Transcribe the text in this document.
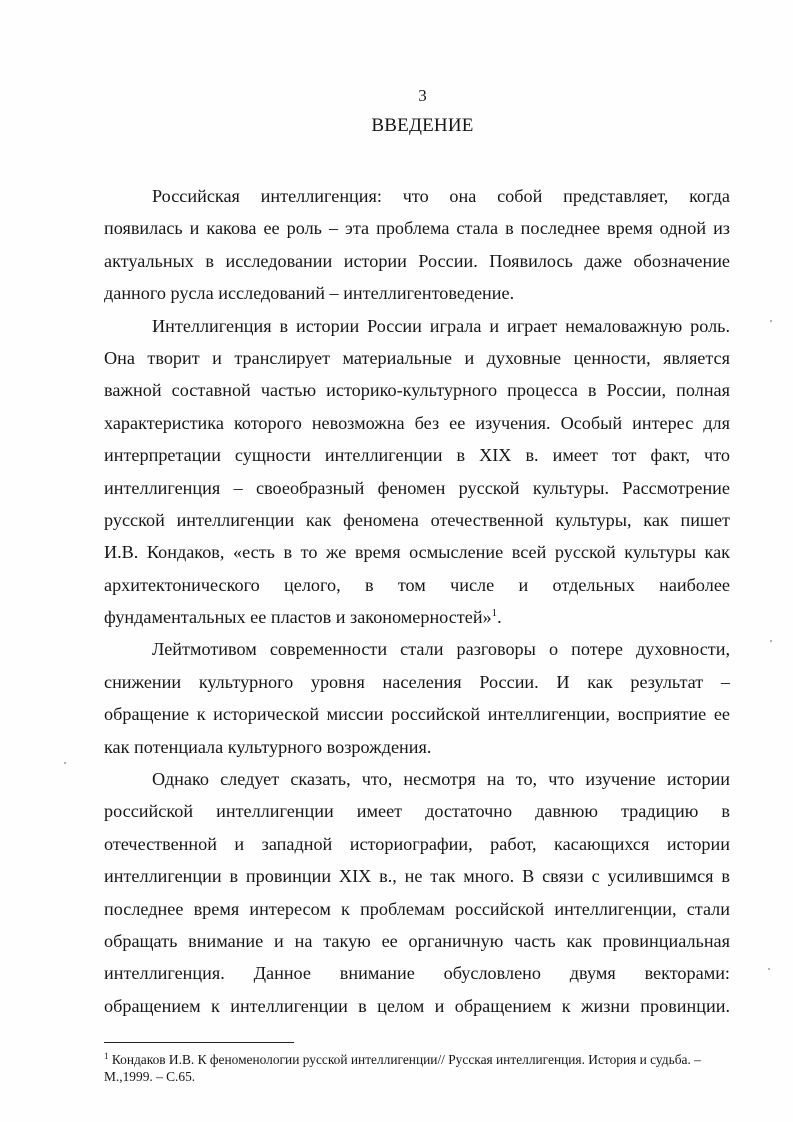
3
ВВЕДЕНИЕ
Российская интеллигенция: что она собой представляет, когда
появилась и какова ее роль – эта проблема стала в последнее время одной из
актуальных в исследовании истории России. Появилось даже обозначение
данного русла исследований – интеллигентоведение.
Интеллигенция в истории России играла и играет немаловажную роль.
Она творит и транслирует материальные и духовные ценности, является
важной составной частью историко-культурного процесса в России, полная
характеристика которого невозможна без ее изучения. Особый интерес для
интерпретации сущности интеллигенции в XIX в. имеет тот факт, что
интеллигенция – своеобразный феномен русской культуры. Рассмотрение
русской интеллигенции как феномена отечественной культуры, как пишет
И.В. Кондаков, «есть в то же время осмысление всей русской культуры как
архитектонического целого, в том числе и отдельных наиболее
фундаментальных ее пластов и закономерностей»$^1$.
Лейтмотивом современности стали разговоры о потере духовности,
снижении культурного уровня населения России. И как результат –
обращение к исторической миссии российской интеллигенции, восприятие ее
как потенциала культурного возрождения.
Однако следует сказать, что, несмотря на то, что изучение истории
российской интеллигенции имеет достаточно давнюю традицию в
отечественной и западной историографии, работ, касающихся истории
интеллигенции в провинции XIX в., не так много. В связи с усилившимся в
последнее время интересом к проблемам российской интеллигенции, стали
обращать внимание и на такую ее органичную часть как провинциальная
интеллигенция. Данное внимание обусловлено двумя векторами:
обращением к интеллигенции в целом и обращением к жизни провинции.
$^1$ Кондаков И.В. К феноменологии русской интеллигенции// Русская интеллигенция. История и судьба. –
М.,1999. – С.65.
